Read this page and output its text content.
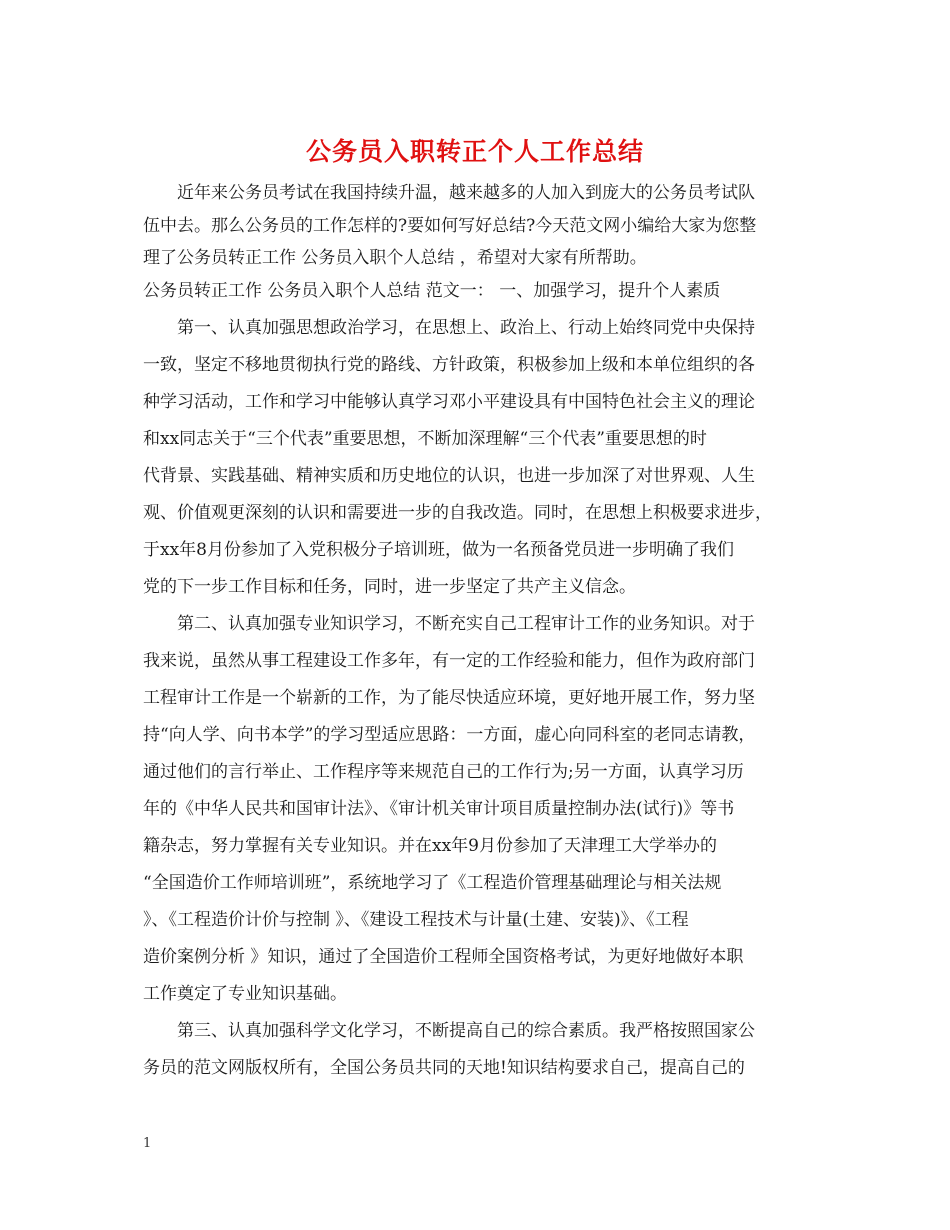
公务员入职转正个人工作总结
　　近年来公务员考试在我国持续升温，越来越多的人加入到庞大的公务员考试队
伍中去。那么公务员的工作怎样的?要如何写好总结?今天范文网小编给大家为您整
理了公务员转正工作 公务员入职个人总结 ，希望对大家有所帮助。
公务员转正工作 公务员入职个人总结 范文一： 一、加强学习，提升个人素质
　　第一、认真加强思想政治学习，在思想上、政治上、行动上始终同党中央保持
一致，坚定不移地贯彻执行党的路线、方针政策，积极参加上级和本单位组织的各
种学习活动，工作和学习中能够认真学习邓小平建设具有中国特色社会主义的理论
和xx同志关于“三个代表”重要思想，不断加深理解“三个代表”重要思想的时
代背景、实践基础、精神实质和历史地位的认识，也进一步加深了对世界观、人生
观、价值观更深刻的认识和需要进一步的自我改造。同时，在思想上积极要求进步，
于xx年8月份参加了入党积极分子培训班，做为一名预备党员进一步明确了我们
党的下一步工作目标和任务，同时，进一步坚定了共产主义信念。
　　第二、认真加强专业知识学习，不断充实自己工程审计工作的业务知识。对于
我来说，虽然从事工程建设工作多年，有一定的工作经验和能力，但作为政府部门
工程审计工作是一个崭新的工作，为了能尽快适应环境，更好地开展工作，努力坚
持“向人学、向书本学”的学习型适应思路：一方面，虚心向同科室的老同志请教，
通过他们的言行举止、工作程序等来规范自己的工作行为;另一方面，认真学习历
年的《中华人民共和国审计法》、《审计机关审计项目质量控制办法(试行)》等书
籍杂志，努力掌握有关专业知识。并在xx年9月份参加了天津理工大学举办的
“全国造价工作师培训班”，系统地学习了《工程造价管理基础理论与相关法规
》、《工程造价计价与控制 》、《建设工程技术与计量(土建、安装)》、《工程
造价案例分析 》知识，通过了全国造价工程师全国资格考试，为更好地做好本职
工作奠定了专业知识基础。
　　第三、认真加强科学文化学习，不断提高自己的综合素质。我严格按照国家公
务员的范文网版权所有，全国公务员共同的天地!知识结构要求自己，提高自己的
1
